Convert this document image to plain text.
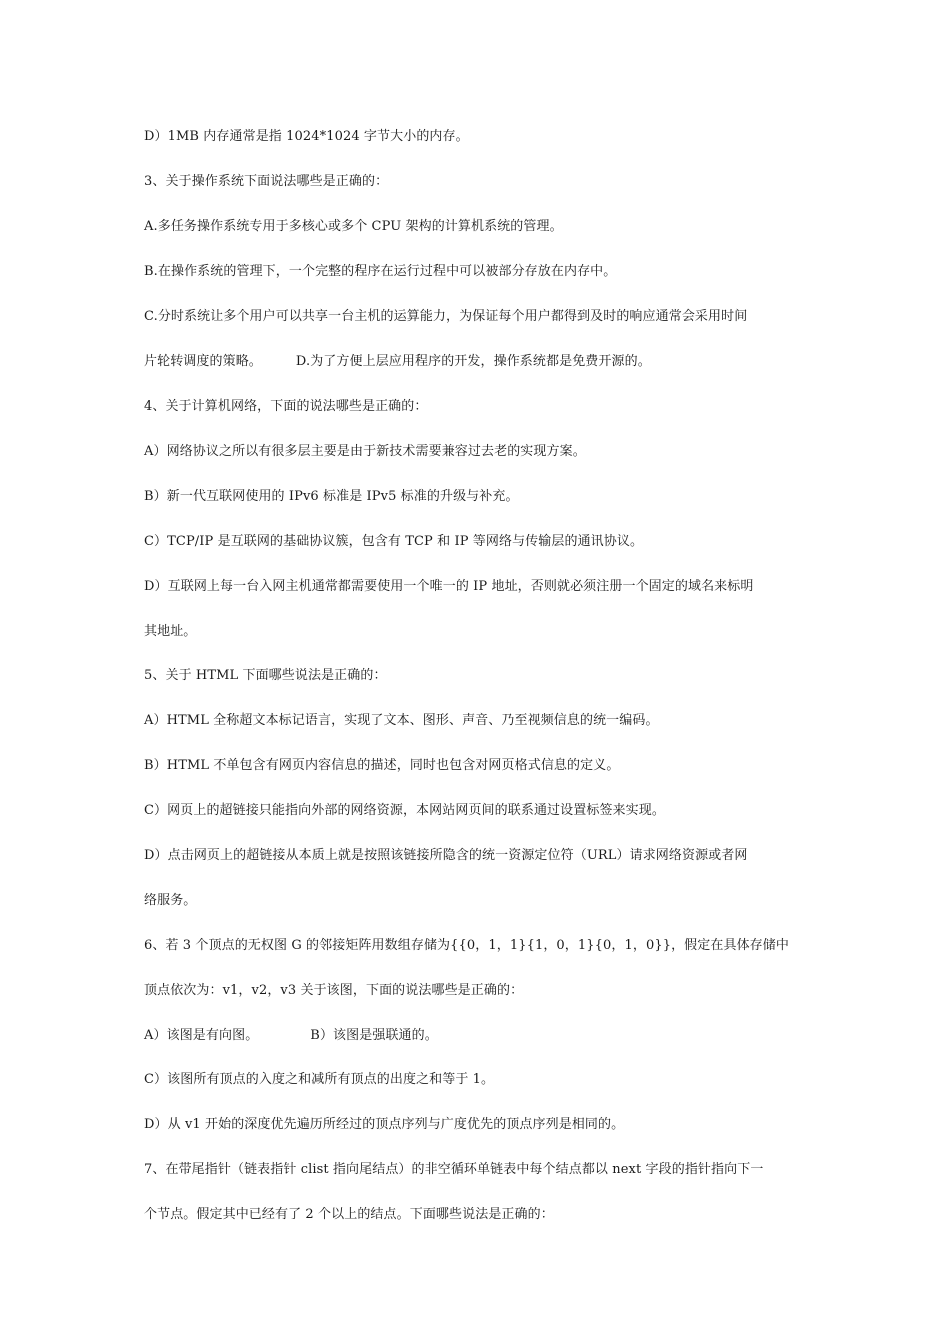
D）1MB 内存通常是指 1024*1024 字节大小的内存。
3、关于操作系统下面说法哪些是正确的：
A.多任务操作系统专用于多核心或多个 CPU 架构的计算机系统的管理。
B.在操作系统的管理下，一个完整的程序在运行过程中可以被部分存放在内存中。
C.分时系统让多个用户可以共享一台主机的运算能力，为保证每个用户都得到及时的响应通常会采用时间
片轮转调度的策略。	D.为了方便上层应用程序的开发，操作系统都是免费开源的。
4、关于计算机网络，下面的说法哪些是正确的：
A）网络协议之所以有很多层主要是由于新技术需要兼容过去老的实现方案。
B）新一代互联网使用的 IPv6 标准是 IPv5 标准的升级与补充。
C）TCP/IP 是互联网的基础协议簇，包含有 TCP 和 IP 等网络与传输层的通讯协议。
D）互联网上每一台入网主机通常都需要使用一个唯一的 IP 地址，否则就必须注册一个固定的域名来标明
其地址。
5、关于 HTML 下面哪些说法是正确的：
A）HTML 全称超文本标记语言，实现了文本、图形、声音、乃至视频信息的统一编码。
B）HTML 不单包含有网页内容信息的描述，同时也包含对网页格式信息的定义。
C）网页上的超链接只能指向外部的网络资源，本网站网页间的联系通过设置标签来实现。
D）点击网页上的超链接从本质上就是按照该链接所隐含的统一资源定位符（URL）请求网络资源或者网
络服务。
6、若 3 个顶点的无权图 G 的邻接矩阵用数组存储为{{0，1，1}{1，0，1}{0，1，0}}，假定在具体存储中
顶点依次为：v1，v2，v3 关于该图，下面的说法哪些是正确的：
A）该图是有向图。	B）该图是强联通的。
C）该图所有顶点的入度之和减所有顶点的出度之和等于 1。
D）从 v1 开始的深度优先遍历所经过的顶点序列与广度优先的顶点序列是相同的。
7、在带尾指针（链表指针 clist 指向尾结点）的非空循环单链表中每个结点都以 next 字段的指针指向下一
个节点。假定其中已经有了 2 个以上的结点。下面哪些说法是正确的：
